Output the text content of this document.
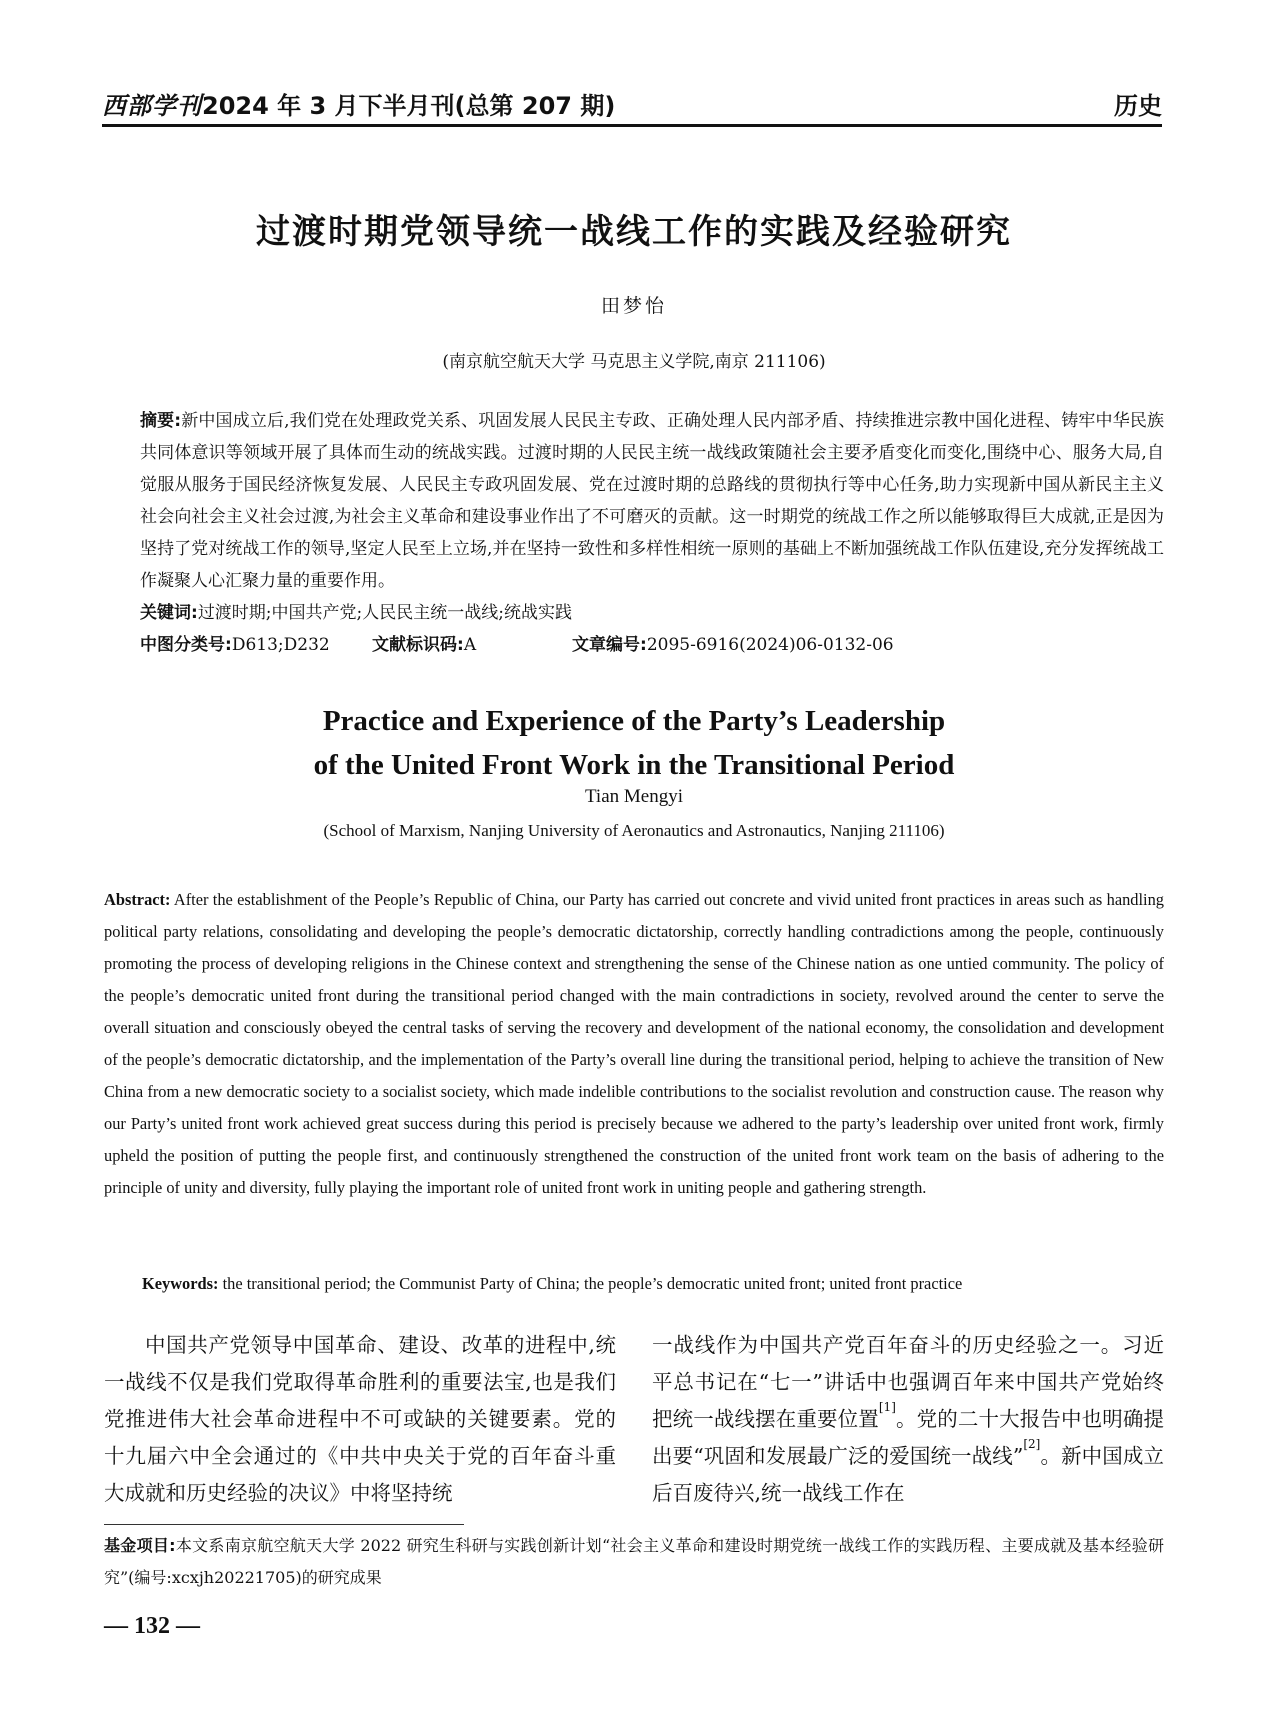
西部学刊2024 年 3 月下半月刊(总第 207 期)	历史
过渡时期党领导统一战线工作的实践及经验研究
田梦怡
(南京航空航天大学 马克思主义学院,南京 211106)
摘要:新中国成立后,我们党在处理政党关系、巩固发展人民民主专政、正确处理人民内部矛盾、持续推进宗教中国化进程、铸牢中华民族共同体意识等领域开展了具体而生动的统战实践。过渡时期的人民民主统一战线政策随社会主要矛盾变化而变化,围绕中心、服务大局,自觉服从服务于国民经济恢复发展、人民民主专政巩固发展、党在过渡时期的总路线的贯彻执行等中心任务,助力实现新中国从新民主主义社会向社会主义社会过渡,为社会主义革命和建设事业作出了不可磨灭的贡献。这一时期党的统战工作之所以能够取得巨大成就,正是因为坚持了党对统战工作的领导,坚定人民至上立场,并在坚持一致性和多样性相统一原则的基础上不断加强统战工作队伍建设,充分发挥统战工作凝聚人心汇聚力量的重要作用。
关键词:过渡时期;中国共产党;人民民主统一战线;统战实践
中图分类号:D613;D232 文献标识码:A	文章编号:2095-6916(2024)06-0132-06
Practice and Experience of the Party’s Leadership
of the United Front Work in the Transitional Period
Tian Mengyi
(School of Marxism, Nanjing University of Aeronautics and Astronautics, Nanjing 211106)
Abstract: After the establishment of the People’s Republic of China, our Party has carried out concrete and vivid united front practices in areas such as handling political party relations, consolidating and developing the people’s democratic dictatorship, correctly handling contradictions among the people, continuously promoting the process of developing religions in the Chinese context and strengthening the sense of the Chinese nation as one untied community. The policy of the people’s democratic united front during the transitional period changed with the main contradictions in society, revolved around the center to serve the overall situation and consciously obeyed the central tasks of serving the recovery and development of the national economy, the consolidation and development of the people’s democratic dictatorship, and the implementation of the Party’s overall line during the transitional period, helping to achieve the transition of New China from a new democratic society to a socialist society, which made indelible contributions to the socialist revolution and construction cause. The reason why our Party’s united front work achieved great success during this period is precisely because we adhered to the party’s leadership over united front work, firmly upheld the position of putting the people first, and continuously strengthened the construction of the united front work team on the basis of adhering to the principle of unity and diversity, fully playing the important role of united front work in uniting people and gathering strength.
Keywords: the transitional period; the Communist Party of China; the people’s democratic united front; united front practice

中国共产党领导中国革命、建设、改革的进程中,统一战线不仅是我们党取得革命胜利的重要法宝,也是我们党推进伟大社会革命进程中不可或缺的关键要素。党的十九届六中全会通过的《中共中央关于党的百年奋斗重大成就和历史经验的决议》中将坚持统

一战线作为中国共产党百年奋斗的历史经验之一。习近平总书记在“七一”讲话中也强调百年来中国共产党始终把统一战线摆在重要位置[1]。党的二十大报告中也明确提出要“巩固和发展最广泛的爱国统一战线”[2]。新中国成立后百废待兴,统一战线工作在

基金项目:本文系南京航空航天大学 2022 研究生科研与实践创新计划“社会主义革命和建设时期党统一战线工作的实践历程、主要成就及基本经验研究”(编号:xcxjh20221705)的研究成果
— 132 —
